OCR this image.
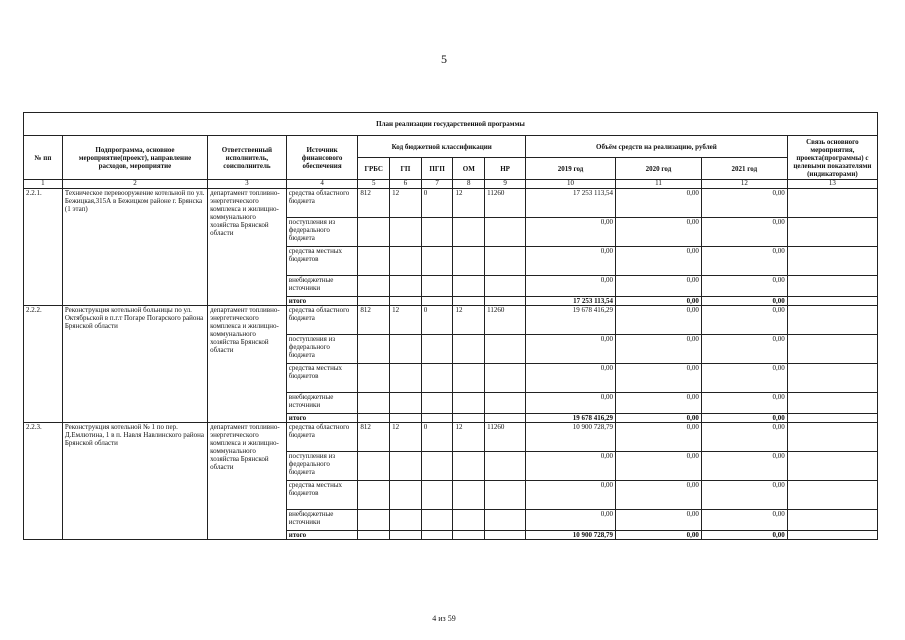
5
План реализации государственной программы												
№ пп	Подпрограмма, основное мероприятие(проект), направление расходов, мероприятие	Ответственный исполнитель, соисполнитель	Источник финансового обеспечения	Код бюджетной классификации					Объём средств на реализацию, рублей			Связь основного мероприятия, проекта(программы) с целевыми показателями (индикаторами)
				ГРБС	ГП	ПГП	ОМ	НР	2019 год	2020 год	2021 год	
1	2	3	4	5	6	7	8	9	10	11	12	13
2.2.1.	Техническое перевооружение котельной по ул. Бежицкая,315А в Бежицком районе г. Брянска (1 этап)	департамент топливно-энергетического комплекса и жилищно-коммунального хозяйства Брянской области	средства областного бюджета	812	12	0	12	11260	17 253 113,54	0,00	0,00	
			поступления из федерального бюджета						0,00	0,00	0,00	
			средства местных бюджетов						0,00	0,00	0,00	
			внебюджетные источники						0,00	0,00	0,00	
			итого						17 253 113,54	0,00	0,00	
2.2.2.	Реконструкция котельной больницы по ул. Октябрьской в п.г.т Погаре Погарского района Брянской области	департамент топливно-энергетического комплекса и жилищно-коммунального хозяйства Брянской области	средства областного бюджета	812	12	0	12	11260	19 678 416,29	0,00	0,00	
			поступления из федерального бюджета						0,00	0,00	0,00	
			средства местных бюджетов						0,00	0,00	0,00	
			внебюджетные источники						0,00	0,00	0,00	
			итого						19 678 416,29	0,00	0,00	
2.2.3.	Реконструкция котельной № 1 по пер. Д.Емлютина, 1 в п. Навля Навлинского района Брянской области	департамент топливно-энергетического комплекса и жилищно-коммунального хозяйства Брянской области	средства областного бюджета	812	12	0	12	11260	10 900 728,79	0,00	0,00	
			поступления из федерального бюджета						0,00	0,00	0,00	
			средства местных бюджетов						0,00	0,00	0,00	
			внебюджетные источники						0,00	0,00	0,00	
			итого						10 900 728,79	0,00	0,00	
4 из 59
